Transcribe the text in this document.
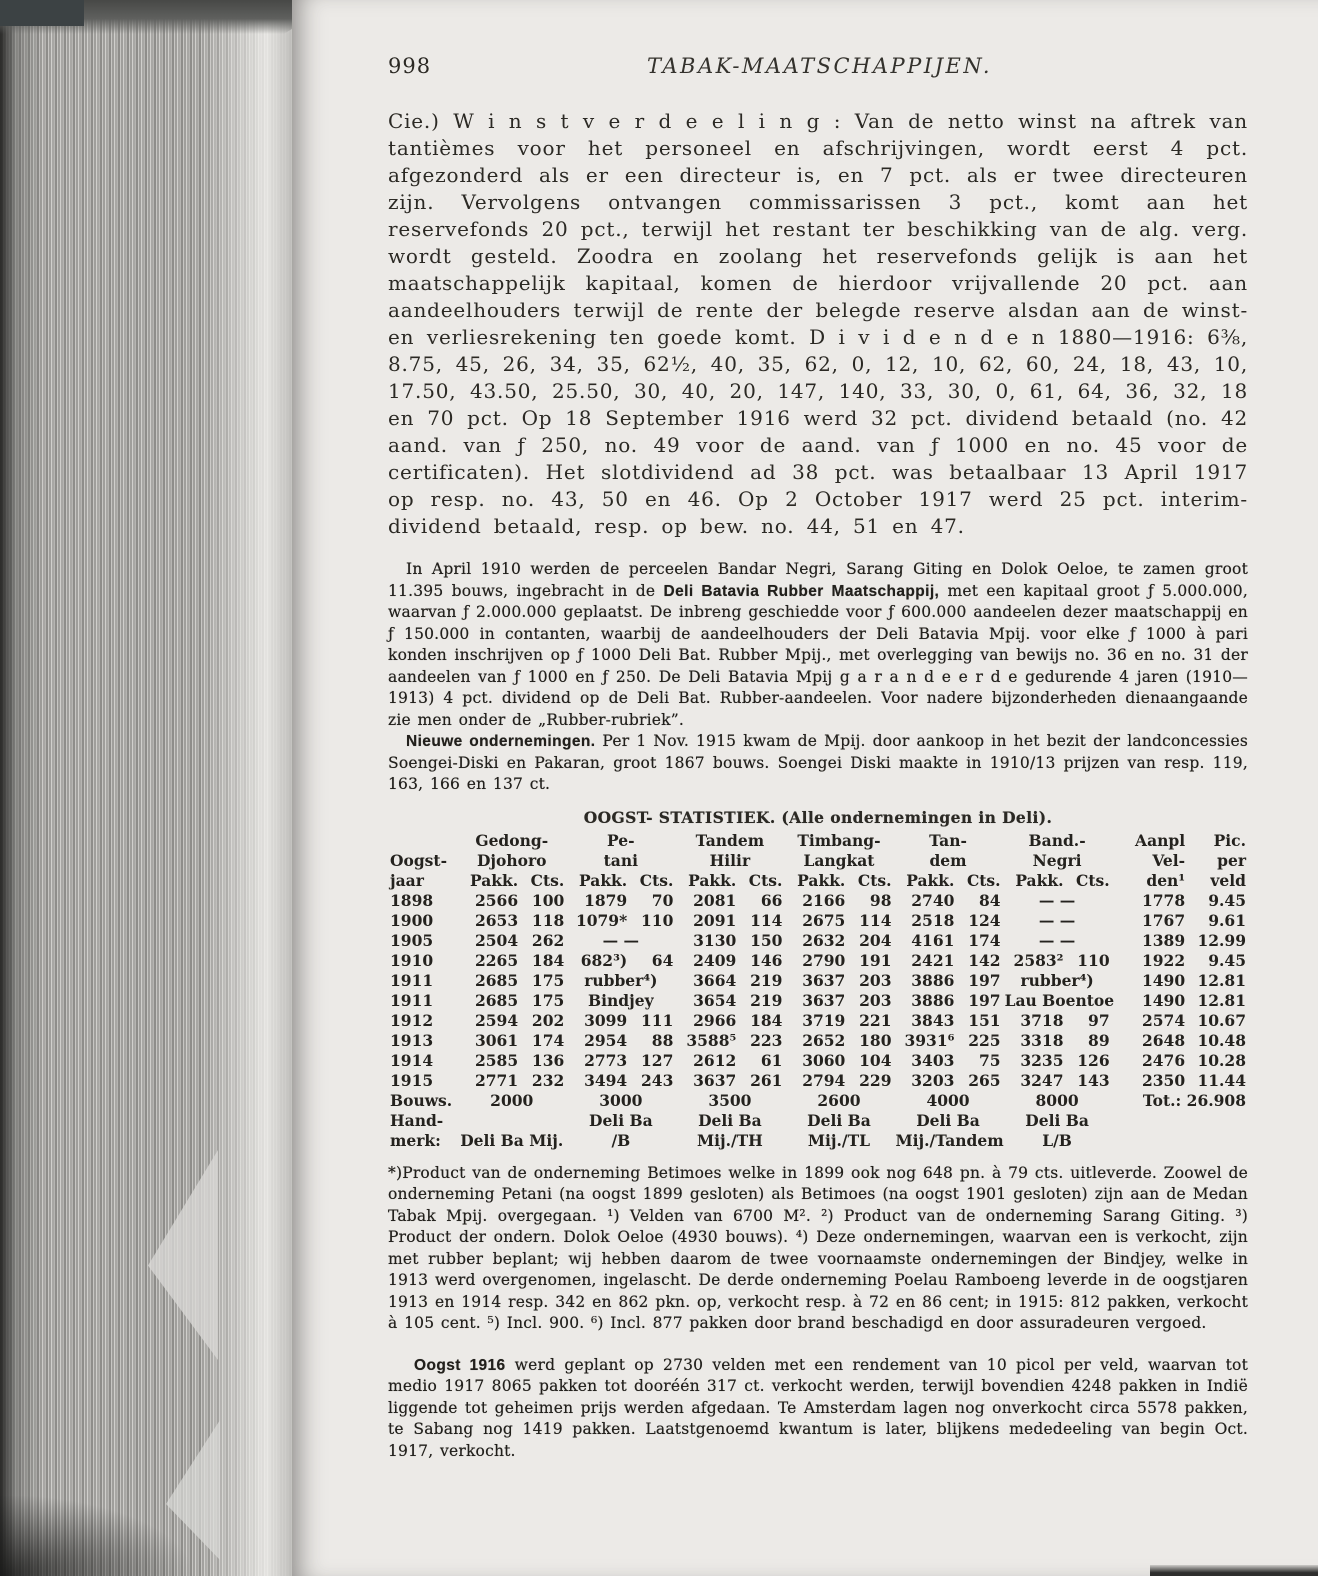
998	TABAK-MAATSCHAPPIJEN.

Cie.) W i n s t v e r d e e l i n g : Van de netto winst na aftrek van tantièmes voor het personeel en afschrijvingen, wordt eerst 4 pct. afgezonderd als er een directeur is, en 7 pct. als er twee directeuren zijn. Vervolgens ontvangen commissarissen 3 pct., komt aan het reservefonds 20 pct., terwijl het restant ter beschikking van de alg. verg. wordt gesteld. Zoodra en zoolang het reservefonds gelijk is aan het maatschappelijk kapitaal, komen de hierdoor vrijvallende 20 pct. aan aandeelhouders terwijl de rente der belegde reserve alsdan aan de winst- en verliesrekening ten goede komt. D i v i d e n d e n 1880—1916: 6⅜, 8.75, 45, 26, 34, 35, 62½, 40, 35, 62, 0, 12, 10, 62, 60, 24, 18, 43, 10, 17.50, 43.50, 25.50, 30, 40, 20, 147, 140, 33, 30, 0, 61, 64, 36, 32, 18 en 70 pct. Op 18 September 1916 werd 32 pct. dividend betaald (no. 42 aand. van ƒ 250, no. 49 voor de aand. van ƒ 1000 en no. 45 voor de certificaten). Het slotdividend ad 38 pct. was betaalbaar 13 April 1917 op resp. no. 43, 50 en 46. Op 2 October 1917 werd 25 pct. interim-dividend betaald, resp. op bew. no. 44, 51 en 47.

In April 1910 werden de perceelen Bandar Negri, Sarang Giting en Dolok Oeloe, te zamen groot 11.395 bouws, ingebracht in de Deli Batavia Rubber Maatschappij, met een kapitaal groot ƒ 5.000.000, waarvan ƒ 2.000.000 geplaatst. De inbreng geschiedde voor ƒ 600.000 aandeelen dezer maatschappij en ƒ 150.000 in contanten, waarbij de aandeelhouders der Deli Batavia Mpij. voor elke ƒ 1000 à pari konden inschrijven op ƒ 1000 Deli Bat. Rubber Mpij., met overlegging van bewijs no. 36 en no. 31 der aandeelen van ƒ 1000 en ƒ 250. De Deli Batavia Mpij g a r a n d e e r d e gedurende 4 jaren (1910—1913) 4 pct. dividend op de Deli Bat. Rubber-aandeelen. Voor nadere bijzonderheden dienaangaande zie men onder de „Rubber-rubriek”.

Nieuwe ondernemingen. Per 1 Nov. 1915 kwam de Mpij. door aankoop in het bezit der landconcessies Soengei-Diski en Pakaran, groot 1867 bouws. Soengei Diski maakte in 1910/13 prijzen van resp. 119, 163, 166 en 137 ct.

OOGST- STATISTIEK. (Alle ondernemingen in Deli).
	Gedong-		Pe-		Tandem		Timbang-		Tan-		Band.-		Aanpl	Pic.
Oogst-	Djohoro		tani		Hilir		Langkat		dem		Negri		Vel-	per
jaar	Pakk.	Cts.	Pakk.	Cts.	Pakk.	Cts.	Pakk.	Cts.	Pakk.	Cts.	Pakk.	Cts.	den¹	veld
1898	2566	100	1879	70	2081	66	2166	98	2740	84	— —		1778	9.45
1900	2653	118	1079*	110	2091	114	2675	114	2518	124	— —		1767	9.61
1905	2504	262	— —		3130	150	2632	204	4161	174	— —		1389	12.99
1910	2265	184	682³)	64	2409	146	2790	191	2421	142	2583²	110	1922	9.45
1911	2685	175	rubber⁴)		3664	219	3637	203	3886	197	rubber⁴)		1490	12.81
1911	2685	175	Bindjey		3654	219	3637	203	3886	197	Lau Boentoe		1490	12.81
1912	2594	202	3099	111	2966	184	3719	221	3843	151	3718	97	2574	10.67
1913	3061	174	2954	88	3588⁵	223	2652	180	3931⁶	225	3318	89	2648	10.48
1914	2585	136	2773	127	2612	61	3060	104	3403	75	3235	126	2476	10.28
1915	2771	232	3494	243	3637	261	2794	229	3203	265	3247	143	2350	11.44

Bouws.	2000		3000		3500		2600		4000		8000		Tot.: 26.908	
Hand-			Deli Ba		Deli Ba		Deli Ba		Deli Ba		Deli Ba			
merk:	Deli Ba Mij.		/B		Mij./TH		Mij./TL		Mij./Tandem		L/B			

*)Product van de onderneming Betimoes welke in 1899 ook nog 648 pn. à 79 cts. uitleverde. Zoowel de onderneming Petani (na oogst 1899 gesloten) als Betimoes (na oogst 1901 gesloten) zijn aan de Medan Tabak Mpij. overgegaan. ¹) Velden van 6700 M². ²) Product van de onderneming Sarang Giting. ³) Product der ondern. Dolok Oeloe (4930 bouws). ⁴) Deze ondernemingen, waarvan een is verkocht, zijn met rubber beplant; wij hebben daarom de twee voornaamste ondernemingen der Bindjey, welke in 1913 werd overgenomen, ingelascht. De derde onderneming Poelau Ramboeng leverde in de oogstjaren 1913 en 1914 resp. 342 en 862 pkn. op, verkocht resp. à 72 en 86 cent; in 1915: 812 pakken, verkocht à 105 cent. ⁵) Incl. 900. ⁶) Incl. 877 pakken door brand beschadigd en door assuradeuren vergoed.

Oogst 1916 werd geplant op 2730 velden met een rendement van 10 picol per veld, waarvan tot medio 1917 8065 pakken tot dooréén 317 ct. verkocht werden, terwijl bovendien 4248 pakken in Indië liggende tot geheimen prijs werden afgedaan. Te Amsterdam lagen nog onverkocht circa 5578 pakken, te Sabang nog 1419 pakken. Laatstgenoemd kwantum is later, blijkens mededeeling van begin Oct. 1917, verkocht.
